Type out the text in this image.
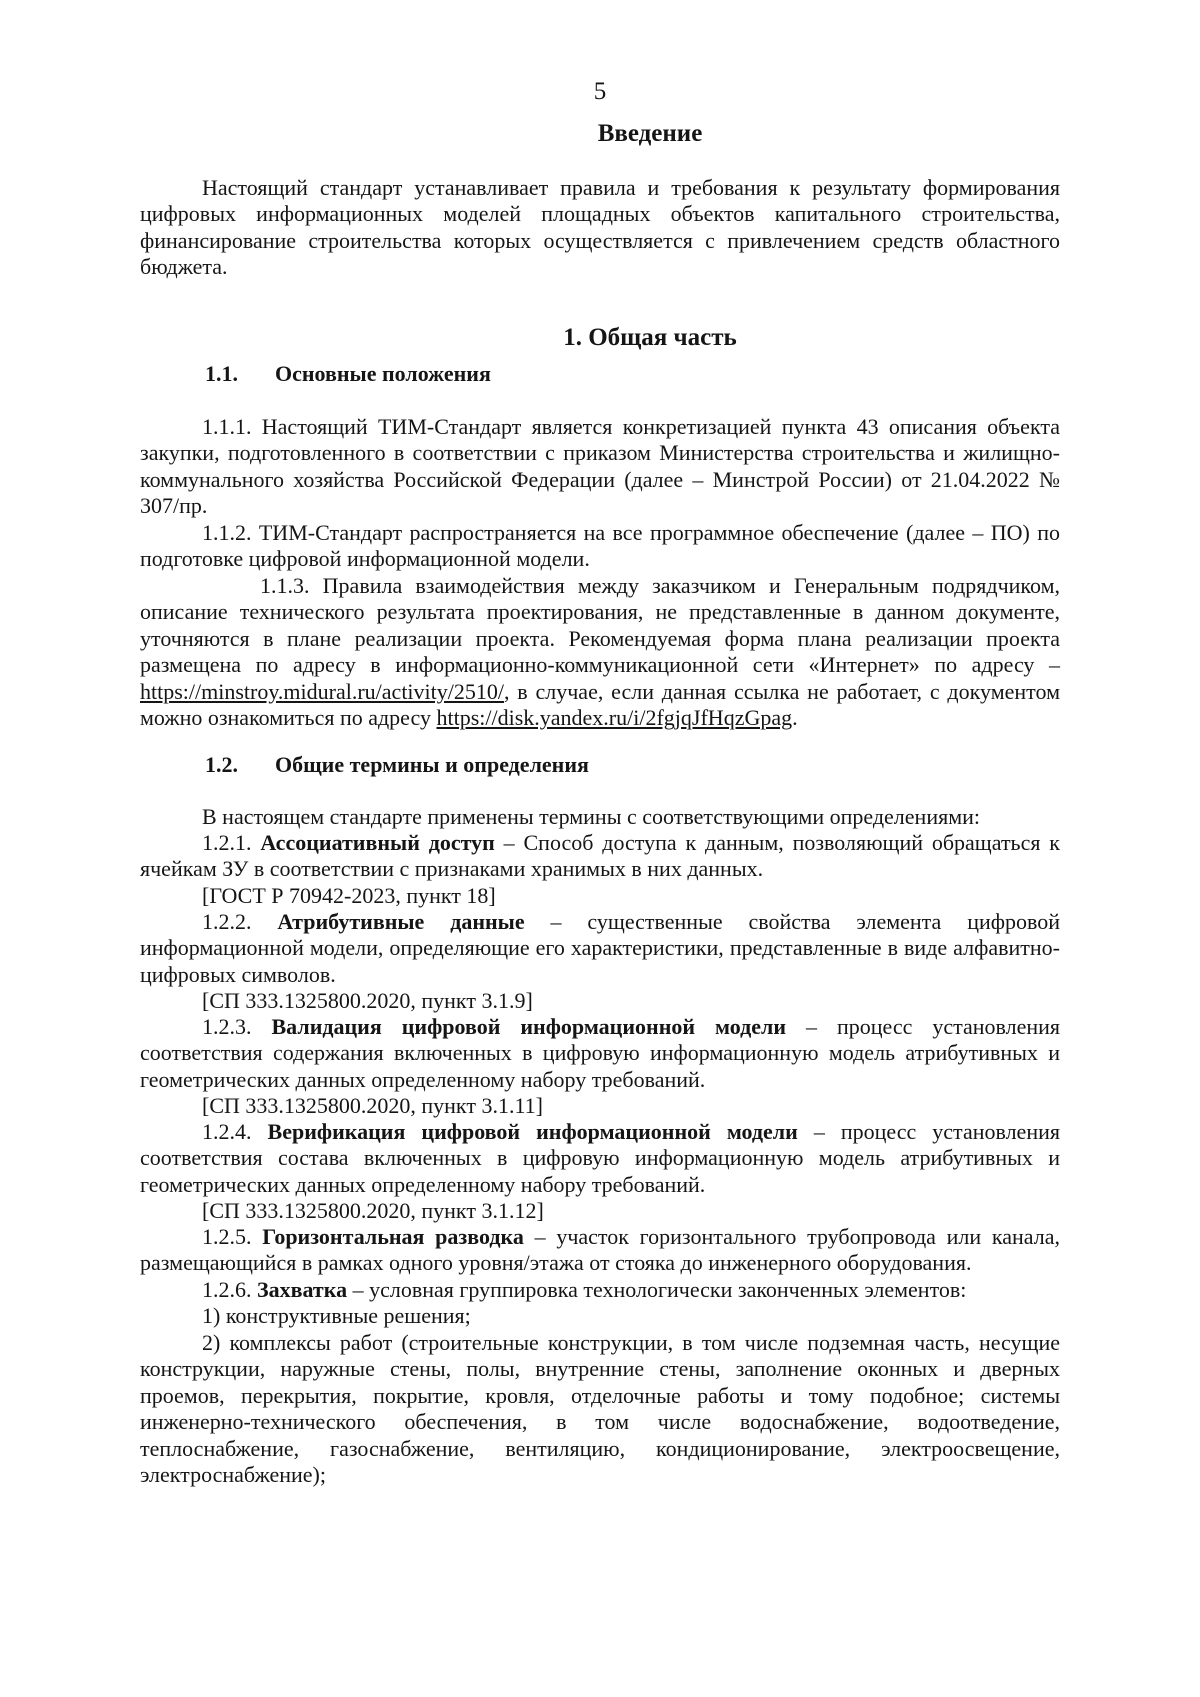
5
Введение
Настоящий стандарт устанавливает правила и требования к результату формирования цифровых информационных моделей площадных объектов капитального строительства, финансирование строительства которых осуществляется с привлечением средств областного бюджета.
1. Общая часть
1.1. Основные положения
1.1.1. Настоящий ТИМ-Стандарт является конкретизацией пункта 43 описания объекта закупки, подготовленного в соответствии с приказом Министерства строительства и жилищно-коммунального хозяйства Российской Федерации (далее – Минстрой России) от 21.04.2022 № 307/пр.
1.1.2. ТИМ-Стандарт распространяется на все программное обеспечение (далее – ПО) по подготовке цифровой информационной модели.
1.1.3. Правила взаимодействия между заказчиком и Генеральным подрядчиком, описание технического результата проектирования, не представленные в данном документе, уточняются в плане реализации проекта. Рекомендуемая форма плана реализации проекта размещена по адресу в информационно-коммуникационной сети «Интернет» по адресу – https://minstroy.midural.ru/activity/2510/, в случае, если данная ссылка не работает, с документом можно ознакомиться по адресу https://disk.yandex.ru/i/2fgjqJfHqzGpag.
1.2. Общие термины и определения
В настоящем стандарте применены термины с соответствующими определениями:
1.2.1. Ассоциативный доступ – Способ доступа к данным, позволяющий обращаться к ячейкам ЗУ в соответствии с признаками хранимых в них данных.
[ГОСТ Р 70942-2023, пункт 18]
1.2.2. Атрибутивные данные – существенные свойства элемента цифровой информационной модели, определяющие его характеристики, представленные в виде алфавитно-цифровых символов.
[СП 333.1325800.2020, пункт 3.1.9]
1.2.3. Валидация цифровой информационной модели – процесс установления соответствия содержания включенных в цифровую информационную модель атрибутивных и геометрических данных определенному набору требований.
[СП 333.1325800.2020, пункт 3.1.11]
1.2.4. Верификация цифровой информационной модели – процесс установления соответствия состава включенных в цифровую информационную модель атрибутивных и геометрических данных определенному набору требований.
[СП 333.1325800.2020, пункт 3.1.12]
1.2.5. Горизонтальная разводка – участок горизонтального трубопровода или канала, размещающийся в рамках одного уровня/этажа от стояка до инженерного оборудования.
1.2.6. Захватка – условная группировка технологически законченных элементов:
1) конструктивные решения;
2) комплексы работ (строительные конструкции, в том числе подземная часть, несущие конструкции, наружные стены, полы, внутренние стены, заполнение оконных и дверных проемов, перекрытия, покрытие, кровля, отделочные работы и тому подобное; системы инженерно-технического обеспечения, в том числе водоснабжение, водоотведение, теплоснабжение, газоснабжение, вентиляцию, кондиционирование, электроосвещение, электроснабжение);
